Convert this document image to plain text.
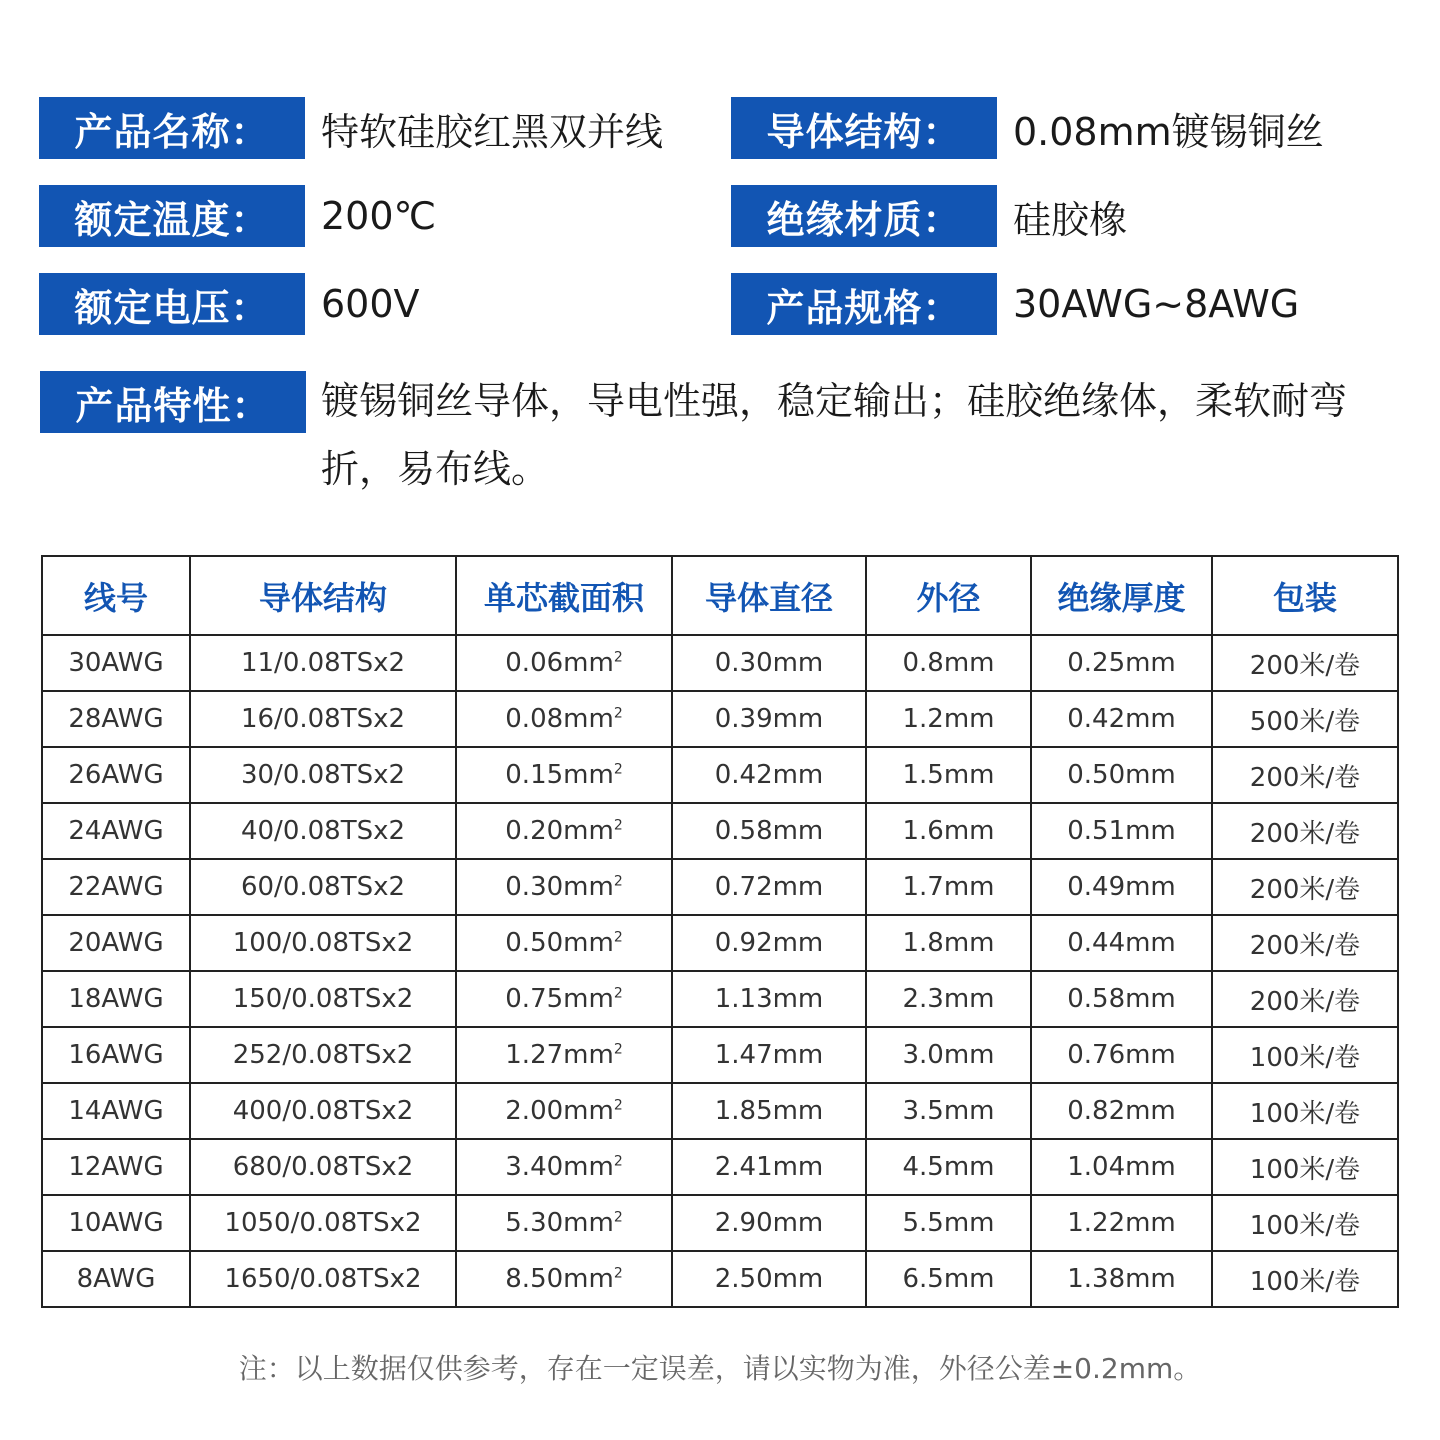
产品名称：	特软硅胶红黑双并线	导体结构：	0.08mm镀锡铜丝
额定温度：	200℃	绝缘材质：	硅胶橡
额定电压：	600V	产品规格：	30AWG~8AWG
产品特性：	镀锡铜丝导体，导电性强，稳定输出；硅胶绝缘体，柔软耐弯折，易布线。
线号	导体结构	单芯截面积	导体直径	外径	绝缘厚度	包装
30AWG	11/0.08TSx2	$0.06mm^2$	0.30mm	0.8mm	0.25mm	200米/卷
28AWG	16/0.08TSx2	$0.08mm^2$	0.39mm	1.2mm	0.42mm	500米/卷
26AWG	30/0.08TSx2	$0.15mm^2$	0.42mm	1.5mm	0.50mm	200米/卷
24AWG	40/0.08TSx2	$0.20mm^2$	0.58mm	1.6mm	0.51mm	200米/卷
22AWG	60/0.08TSx2	$0.30mm^2$	0.72mm	1.7mm	0.49mm	200米/卷
20AWG	100/0.08TSx2	$0.50mm^2$	0.92mm	1.8mm	0.44mm	200米/卷
18AWG	150/0.08TSx2	$0.75mm^2$	1.13mm	2.3mm	0.58mm	200米/卷
16AWG	252/0.08TSx2	$1.27mm^2$	1.47mm	3.0mm	0.76mm	100米/卷
14AWG	400/0.08TSx2	$2.00mm^2$	1.85mm	3.5mm	0.82mm	100米/卷
12AWG	680/0.08TSx2	$3.40mm^2$	2.41mm	4.5mm	1.04mm	100米/卷
10AWG	1050/0.08TSx2	$5.30mm^2$	2.90mm	5.5mm	1.22mm	100米/卷
8AWG	1650/0.08TSx2	$8.50mm^2$	2.50mm	6.5mm	1.38mm	100米/卷
注：以上数据仅供参考，存在一定误差，请以实物为准，外径公差±0.2mm。
